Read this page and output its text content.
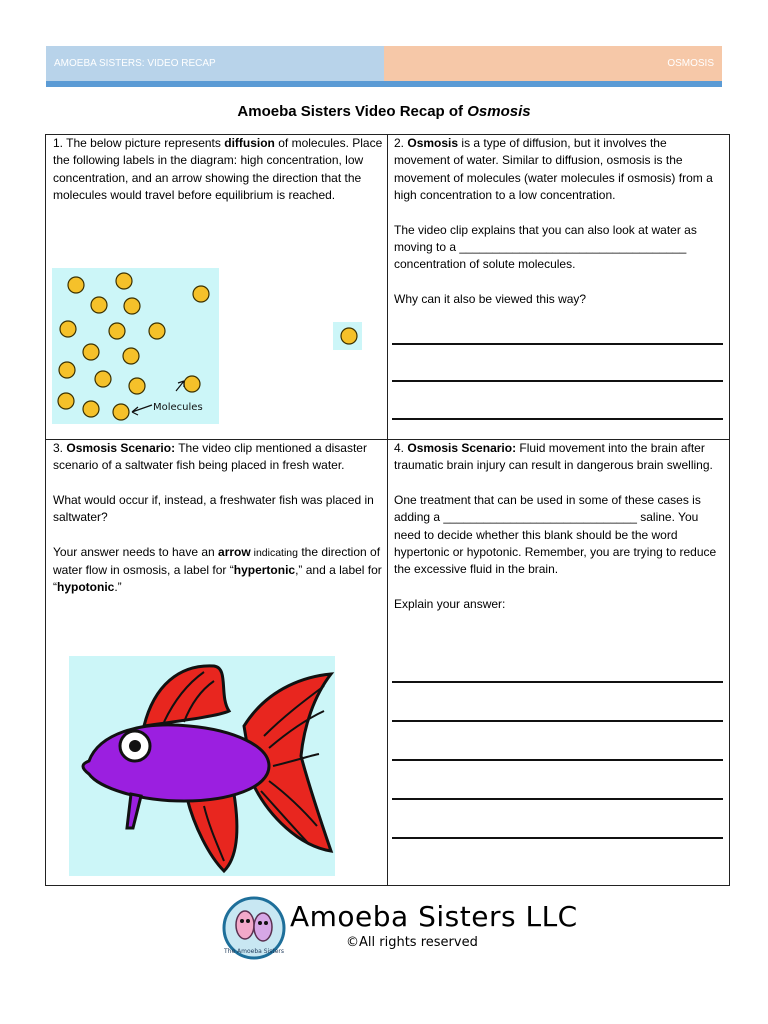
AMOEBA SISTERS: VIDEO RECAP	OSMOSIS
Amoeba Sisters Video Recap of Osmosis

1. The below picture represents diffusion of molecules. Place the following labels in the diagram: high concentration, low concentration, and an arrow showing the direction that the molecules would travel before equilibrium is reached.

2. Osmosis is a type of diffusion, but it involves the movement of water. Similar to diffusion, osmosis is the movement of molecules (water molecules if osmosis) from a high concentration to a low concentration.

The video clip explains that you can also look at water as moving to a __________________________________ concentration of solute molecules.

Why can it also be viewed this way?

3. Osmosis Scenario: The video clip mentioned a disaster scenario of a saltwater fish being placed in fresh water.

What would occur if, instead, a freshwater fish was placed in saltwater?

Your answer needs to have an arrow indicating the direction of water flow in osmosis, a label for “hypertonic,” and a label for “hypotonic.”

4. Osmosis Scenario: Fluid movement into the brain after traumatic brain injury can result in dangerous brain swelling.

One treatment that can be used in some of these cases is adding a _____________________________ saline. You need to decide whether this blank should be the word hypertonic or hypotonic. Remember, you are trying to reduce the excessive fluid in the brain.

Explain your answer:

Molecules
The Amoeba Sisters
Amoeba Sisters LLC
©All rights reserved
